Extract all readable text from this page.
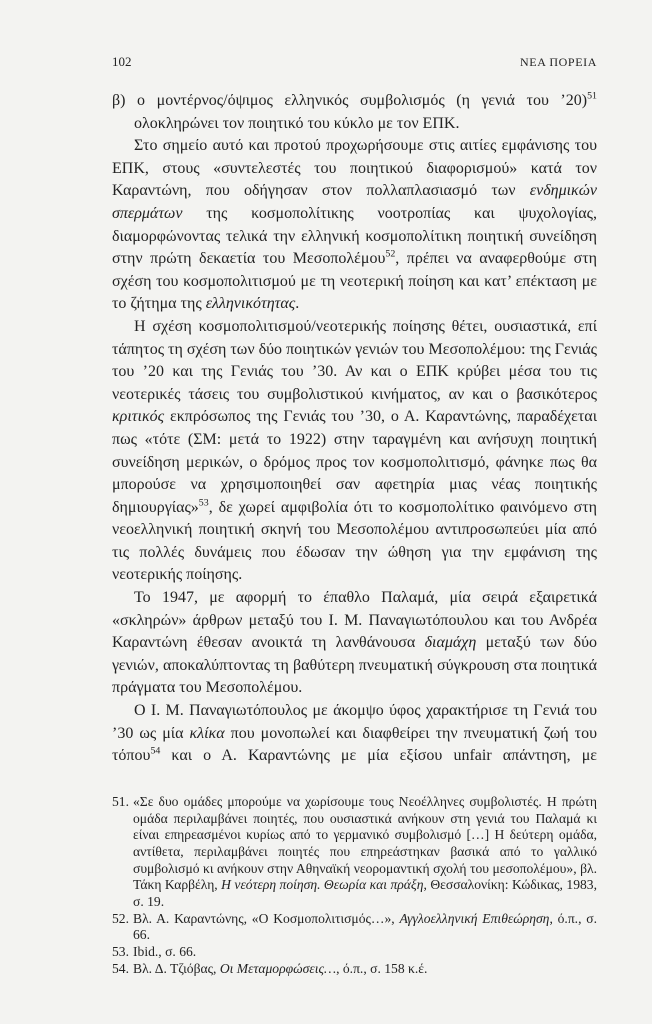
102	ΝΕΑ ΠΟΡΕΙΑ

β) ο μοντέρνος/όψιμος ελληνικός συμβολισμός (η γενιά του ’20)$^{51}$ ολοκληρώνει τον ποιητικό του κύκλο με τον ΕΠΚ.

Στο σημείο αυτό και προτού προχωρήσουμε στις αιτίες εμφάνισης του ΕΠΚ, στους «συντελεστές του ποιητικού διαφορισμού» κατά τον Καραντώνη, που οδήγησαν στον πολλαπλασιασμό των ενδημικών σπερμάτων της κοσμοπολίτικης νοοτροπίας και ψυχολογίας, διαμορφώνοντας τελικά την ελληνική κοσμοπολίτικη ποιητική συνείδηση στην πρώτη δεκαετία του Μεσοπολέμου$^{52}$, πρέπει να αναφερθούμε στη σχέση του κοσμοπολιτισμού με τη νεοτερική ποίηση και κατ’ επέκταση με το ζήτημα της ελληνικότητας.

Η σχέση κοσμοπολιτισμού/νεοτερικής ποίησης θέτει, ουσιαστικά, επί τάπητος τη σχέση των δύο ποιητικών γενιών του Μεσοπολέμου: της Γενιάς του ’20 και της Γενιάς του ’30. Αν και ο ΕΠΚ κρύβει μέσα του τις νεοτερικές τάσεις του συμβολιστικού κινήματος, αν και ο βασικότερος κριτικός εκπρόσωπος της Γενιάς του ’30, ο Α. Καραντώνης, παραδέχεται πως «τότε (ΣΜ: μετά το 1922) στην ταραγμένη και ανήσυχη ποιητική συνείδηση μερικών, ο δρόμος προς τον κοσμοπολιτισμό, φάνηκε πως θα μπορούσε να χρησιμοποιηθεί σαν αφετηρία μιας νέας ποιητικής δημιουργίας»$^{53}$, δε χωρεί αμφιβολία ότι το κοσμοπολίτικο φαινόμενο στη νεοελληνική ποιητική σκηνή του Μεσοπολέμου αντιπροσωπεύει μία από τις πολλές δυνάμεις που έδωσαν την ώθηση για την εμφάνιση της νεοτερικής ποίησης.

Το 1947, με αφορμή το έπαθλο Παλαμά, μία σειρά εξαιρετικά «σκληρών» άρθρων μεταξύ του Ι. Μ. Παναγιωτόπουλου και του Ανδρέα Καραντώνη έθεσαν ανοικτά τη λανθάνουσα διαμάχη μεταξύ των δύο γενιών, αποκαλύπτοντας τη βαθύτερη πνευματική σύγκρουση στα ποιητικά πράγματα του Μεσοπολέμου.

Ο Ι. Μ. Παναγιωτόπουλος με άκομψο ύφος χαρακτήρισε τη Γενιά του ’30 ως μία κλίκα που μονοπωλεί και διαφθείρει την πνευματική ζωή του τόπου$^{54}$ και ο Α. Καραντώνης με μία εξίσου unfair απάντηση, με

51. «Σε δυο ομάδες μπορούμε να χωρίσουμε τους Νεοέλληνες συμβολιστές. Η πρώτη ομάδα περιλαμβάνει ποιητές, που ουσιαστικά ανήκουν στη γενιά του Παλαμά κι είναι επηρεασμένοι κυρίως από το γερμανικό συμβολισμό […] Η δεύτερη ομάδα, αντίθετα, περιλαμβάνει ποιητές που επηρεάστηκαν βασικά από το γαλλικό συμβολισμό κι ανήκουν στην Αθηναϊκή νεορομαντική σχολή του μεσοπολέμου», βλ. Τάκη Καρβέλη, Η νεότερη ποίηση. Θεωρία και πράξη, Θεσσαλονίκη: Κώδικας, 1983, σ. 19.

52. Βλ. Α. Καραντώνης, «Ο Κοσμοπολιτισμός…», Αγγλοελληνική Επιθεώρηση, ό.π., σ. 66.

53. Ibid., σ. 66.

54. Βλ. Δ. Τζιόβας, Οι Μεταμορφώσεις…, ό.π., σ. 158 κ.έ.
